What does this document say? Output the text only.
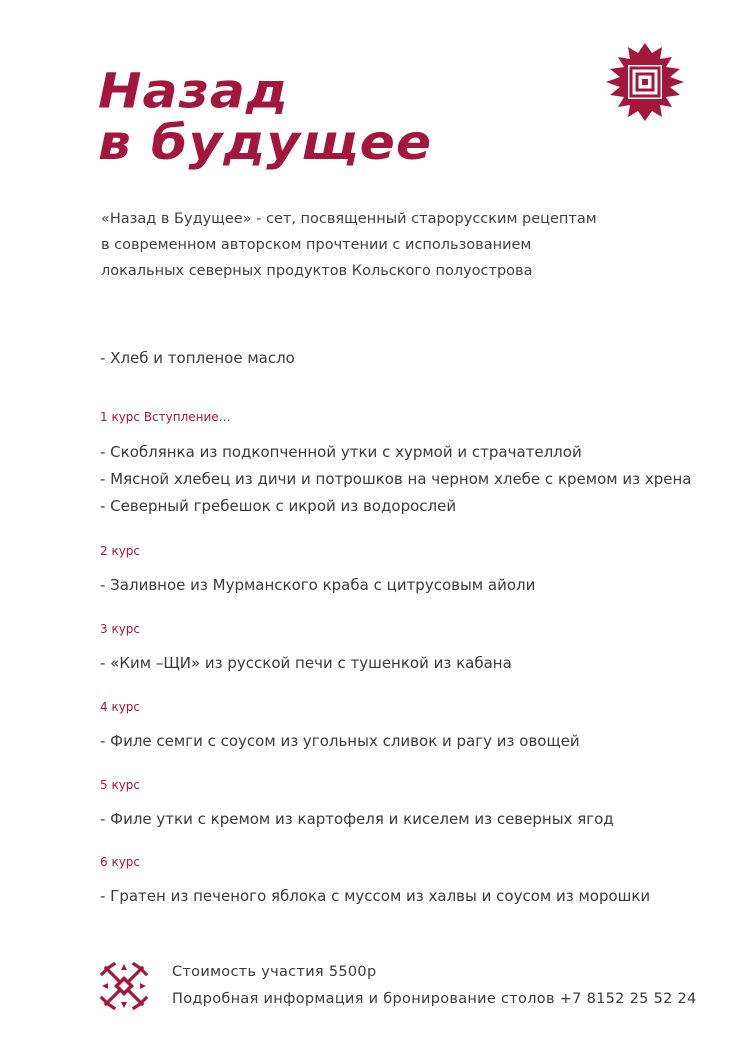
Назад
в будущее
«Назад в Будущее» - сет, посвященный старорусским рецептам
в современном авторском прочтении с использованием
локальных северных продуктов Кольского полуострова
- Хлеб и топленое масло
1 курс Вступление…
- Скоблянка из подкопченной утки с хурмой и страчателлой
- Мясной хлебец из дичи и потрошков на черном хлебе с кремом из хрена
- Северный гребешок с икрой из водорослей
2 курс
- Заливное из Мурманского краба с цитрусовым айоли
3 курс
- «Ким –ЩИ» из русской печи с тушенкой из кабана
4 курс
- Филе семги с соусом из угольных сливок и рагу из овощей
5 курс
- Филе утки с кремом из картофеля и киселем из северных ягод
6 курс
- Гратен из печеного яблока с муссом из халвы и соусом из морошки
Стоимость участия 5500р
Подробная информация и бронирование столов +7 8152 25 52 24
